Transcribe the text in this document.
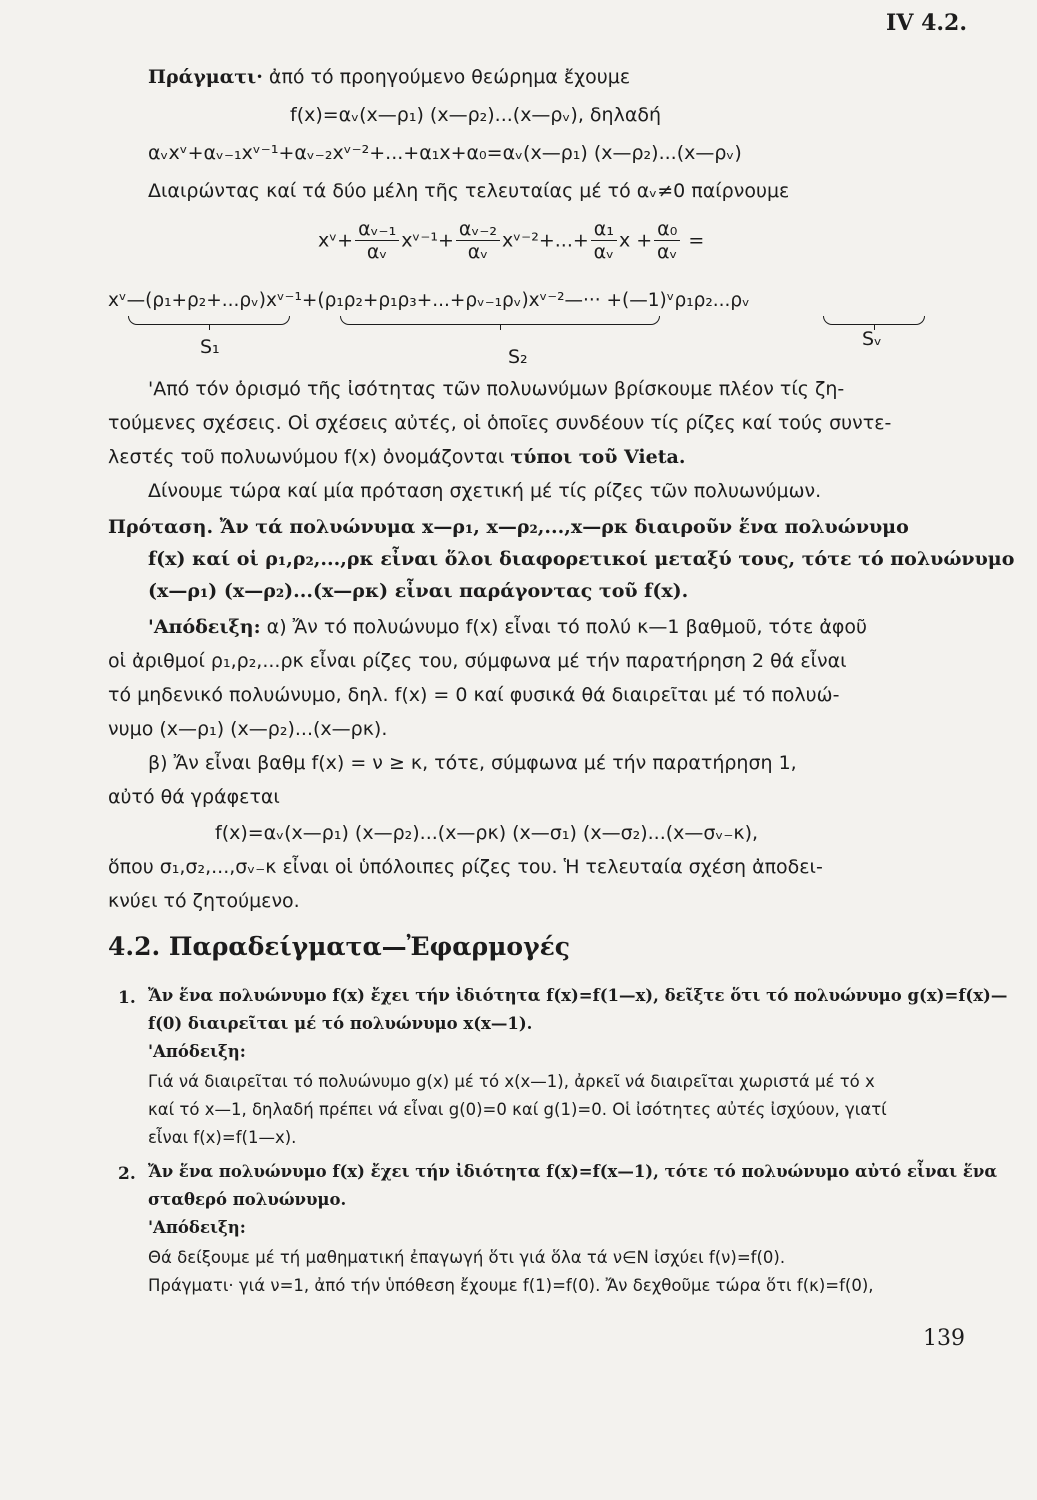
IV 4.2.
Πράγματι· ἀπό τό προηγούμενο θεώρημα ἔχουμε
f(x)=αᵥ(x—ρ₁) (x—ρ₂)...(x—ρᵥ), δηλαδή
αᵥxᵛ+αᵥ₋₁xᵛ⁻¹+αᵥ₋₂xᵛ⁻²+...+α₁x+α₀=αᵥ(x—ρ₁) (x—ρ₂)...(x—ρᵥ)
Διαιρώντας καί τά δύο μέλη τῆς τελευταίας μέ τό αᵥ≠0 παίρνουμε
xᵛ+ $\frac{\text{αᵥ₋₁}}{\text{αᵥ}}$ xᵛ⁻¹+ $\frac{\text{αᵥ₋₂}}{\text{αᵥ}}$ xᵛ⁻²+...+ $\frac{\text{α₁}}{\text{αᵥ}}$ $x + \frac{\text{α₀}}{\text{αᵥ}}$ =
xᵛ—(ρ₁+ρ₂+...ρᵥ)xᵛ⁻¹+(ρ₁ρ₂+ρ₁ρ₃+...+ρᵥ₋₁ρᵥ)xᵛ⁻²—··· +(—1)ᵛρ₁ρ₂...ρᵥ
S₁	S₂
Sᵥ
'Από τόν ὁρισμό τῆς ἰσότητας τῶν πολυωνύμων βρίσκουμε πλέον τίς ζη-
τούμενες σχέσεις. Οἱ σχέσεις αὐτές, οἱ ὁποῖες συνδέουν τίς ρίζες καί τούς συντε-
λεστές τοῦ πολυωνύμου f(x) ὀνομάζονται τύποι τοῦ Vieta.
Δίνουμε τώρα καί μία πρόταση σχετική μέ τίς ρίζες τῶν πολυωνύμων.
Πρόταση. Ἄν τά πολυώνυμα x—ρ₁, x—ρ₂,...,x—ρκ διαιροῦν ἕνα πολυώνυμο
f(x) καί οἱ ρ₁,ρ₂,...,ρκ εἶναι ὅλοι διαφορετικοί μεταξύ τους, τότε τό πολυώνυμο
(x—ρ₁) (x—ρ₂)...(x—ρκ) εἶναι παράγοντας τοῦ f(x).
'Απόδειξη: α) Ἄν τό πολυώνυμο f(x) εἶναι τό πολύ κ—1 βαθμοῦ, τότε ἀφοῦ
οἱ ἀριθμοί ρ₁,ρ₂,...ρκ εἶναι ρίζες του, σύμφωνα μέ τήν παρατήρηση 2 θά εἶναι
τό μηδενικό πολυώνυμο, δηλ. f(x) = 0 καί φυσικά θά διαιρεῖται μέ τό πολυώ-
νυμο (x—ρ₁) (x—ρ₂)...(x—ρκ).
β) Ἄν εἶναι βαθμ f(x) = ν ≥ κ, τότε, σύμφωνα μέ τήν παρατήρηση 1,
αὐτό θά γράφεται
f(x)=αᵥ(x—ρ₁) (x—ρ₂)...(x—ρκ) (x—σ₁) (x—σ₂)...(x—σᵥ₋κ),
ὅπου σ₁,σ₂,...,σᵥ₋κ εἶναι οἱ ὑπόλοιπες ρίζες του. Ἡ τελευταία σχέση ἀποδει-
κνύει τό ζητούμενο.
4.2. Παραδείγματα—Ἐφαρμογές
1. Ἄν ἕνα πολυώνυμο f(x) ἔχει τήν ἰδιότητα f(x)=f(1—x), δεῖξτε ὅτι τό πολυώνυμο g(x)=f(x)—
f(0) διαιρεῖται μέ τό πολυώνυμο x(x—1).
'Απόδειξη:
Γιά νά διαιρεῖται τό πολυώνυμο g(x) μέ τό x(x—1), ἀρκεῖ νά διαιρεῖται χωριστά μέ τό x
καί τό x—1, δηλαδή πρέπει νά εἶναι g(0)=0 καί g(1)=0. Οἱ ἰσότητες αὐτές ἰσχύουν, γιατί
εἶναι f(x)=f(1—x).
2. Ἄν ἕνα πολυώνυμο f(x) ἔχει τήν ἰδιότητα f(x)=f(x—1), τότε τό πολυώνυμο αὐτό εἶναι ἕνα
σταθερό πολυώνυμο.
'Απόδειξη:
Θά δείξουμε μέ τή μαθηματική ἐπαγωγή ὅτι γιά ὅλα τά ν∈N ἰσχύει f(ν)=f(0).
Πράγματι· γιά ν=1, ἀπό τήν ὑπόθεση ἔχουμε f(1)=f(0). Ἄν δεχθοῦμε τώρα ὅτι f(κ)=f(0),
139
